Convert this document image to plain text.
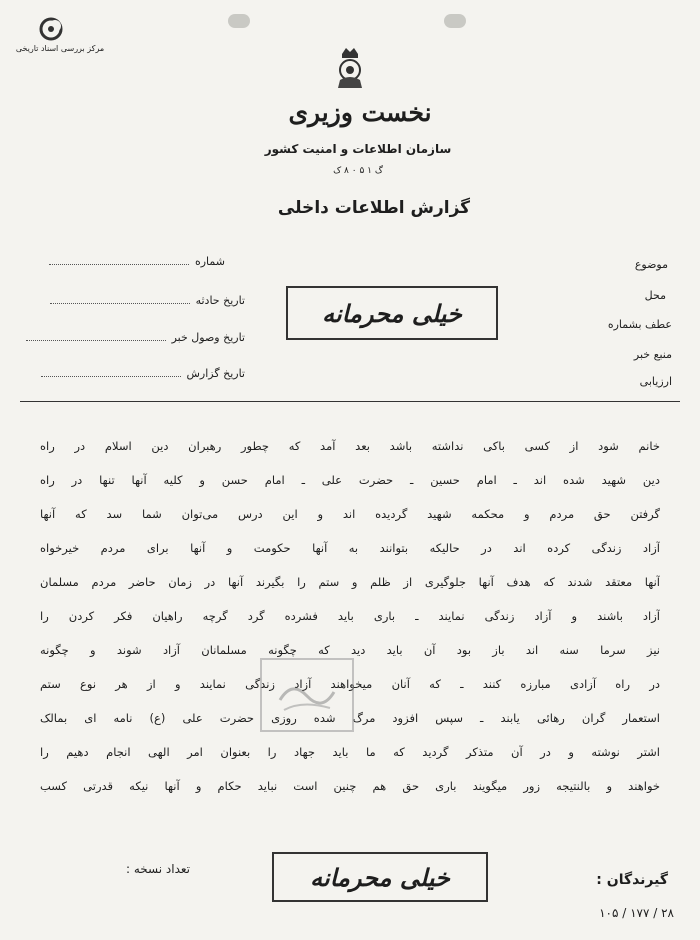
مرکز بررسی اسناد تاریخی
نخست وزیری
سازمان اطلاعات و امنیت کشور
گ ۱ ۵ ۰ ۸ ک
گزارش اطلاعات داخلی
شماره
تاریخ حادثه
تاریخ وصول خبر
تاریخ گزارش
موضوع
محل
عطف بشماره
منبع خبر
ارزیابی
خیلی محرمانه
خانم شود از کسی باکی نداشته باشد بعد آمد که چطور رهبران دین اسلام در راه
دین شهید شده اند ـ امام حسین ـ حضرت علی ـ امام حسن و کلیه آنها تنها در راه
گرفتن حق مردم و محکمه شهید گردیده اند و این درس می‌توان شما سد که آنها
آزاد زندگی کرده اند در حالیکه بتوانند به آنها حکومت و آنها برای مردم خیرخواه
آنها معتقد شدند که هدف آنها جلوگیری از ظلم و ستم را بگیرند آنها در زمان حاضر مردم مسلمان
آزاد باشند و آزاد زندگی نمایند ـ باری باید فشرده گرد گرچه راهیان فکر کردن را
نیز سرما سنه اند باز بود آن باید دید که چگونه مسلمانان آزاد شوند و چگونه
در راه آزادی مبارزه کنند ـ که آنان میخواهند آزاد زندگی نمایند و از هر نوع ستم
استعمار گران رهائی یابند ـ سپس افزود مرگ شده روزی حضرت علی (ع) نامه ای بمالک
اشتر نوشته و در آن متذکر گردید که ما باید جهاد را بعنوان امر الهی انجام دهیم را
خواهند و بالنتیجه زور میگویند باری حق هم چنین است نباید حکام و آنها نیکه قدرتی کسب
تعداد نسخه :	خیلی محرمانه	گیرندگان :
۲۸ / ۱۷۷ / ۱۰۵
